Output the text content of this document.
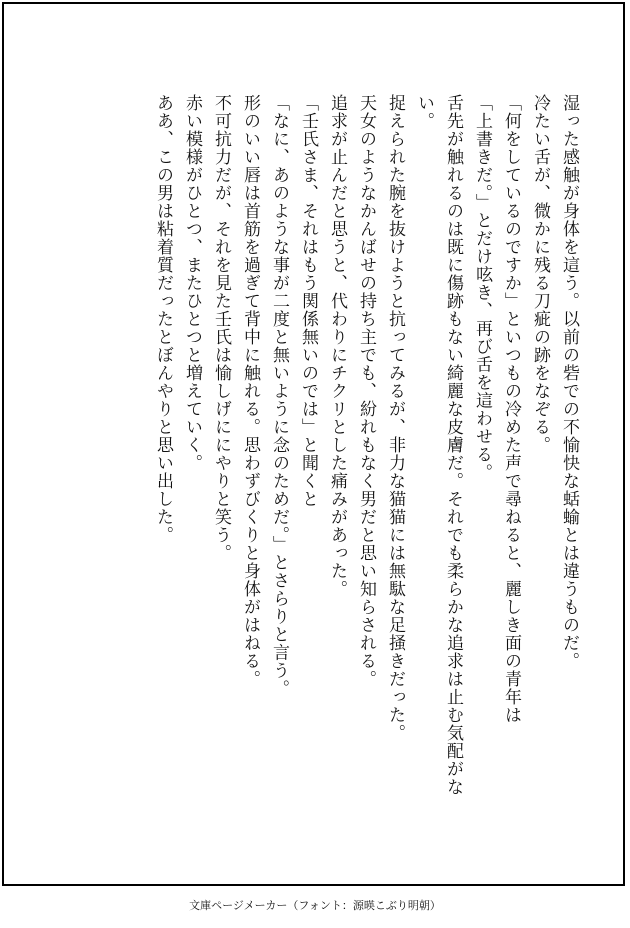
湿った感触が身体を這う。以前の砦での不愉快な蛞蝓とは違うものだ。

冷たい舌が、微かに残る刀疵の跡をなぞる。

「何をしているのですか」といつもの冷めた声で尋ねると、麗しき面の青年は

「上書きだ。」とだけ呟き、再び舌を這わせる。

舌先が触れるのは既に傷跡もない綺麗な皮膚だ。それでも柔らかな追求は止む気配がない。

捉えられた腕を抜けようと抗ってみるが、非力な猫猫には無駄な足掻きだった。

天女のようなかんばせの持ち主でも、紛れもなく男だと思い知らされる。

追求が止んだと思うと、代わりにチクリとした痛みがあった。

「壬氏さま、それはもう関係無いのでは」と聞くと

「なに、あのような事が二度と無いように念のためだ。」とさらりと言う。

形のいい唇は首筋を過ぎて背中に触れる。思わずびくりと身体がはねる。

不可抗力だが、それを見た壬氏は愉しげににやりと笑う。

赤い模様がひとつ、またひとつと増えていく。

ああ、この男は粘着質だったとぼんやりと思い出した。

文庫ページメーカー（フォント：源暎こぶり明朝）
